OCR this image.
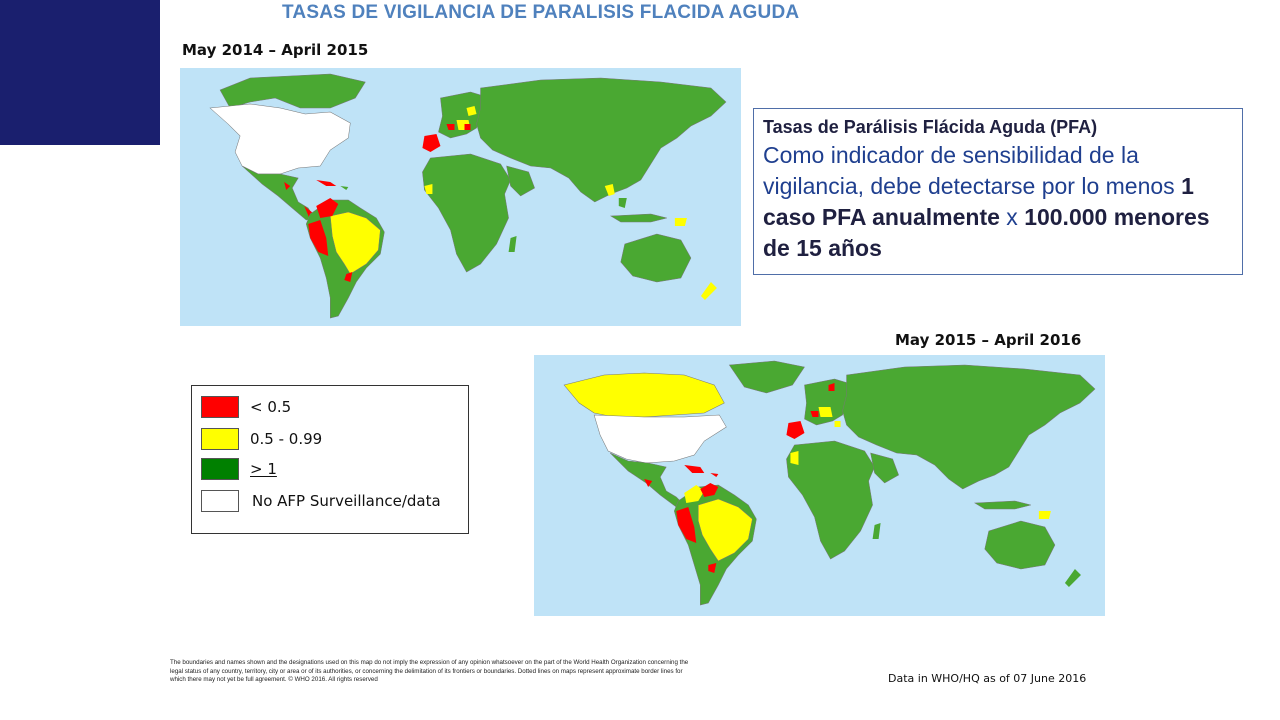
TASAS DE VIGILANCIA DE PARALISIS FLACIDA AGUDA
May 2014 – April 2015
Tasas de Parálisis Flácida Aguda (PFA)
Como indicador de sensibilidad de la vigilancia, debe detectarse por lo menos 1 caso PFA anualmente x 100.000 menores de 15 años
May 2015 – April 2016
< 0.5
0.5 - 0.99
> 1
No AFP Surveillance/data
The boundaries and names shown and the designations used on this map do not imply the expression of any opinion whatsoever on the part of the World Health Organization concerning the legal status of any country, territory, city or area or of its authorities, or concerning the delimitation of its frontiers or boundaries. Dotted lines on maps represent approximate border lines for which there may not yet be full agreement. © WHO 2016. All rights reserved	Data in WHO/HQ as of 07 June 2016
